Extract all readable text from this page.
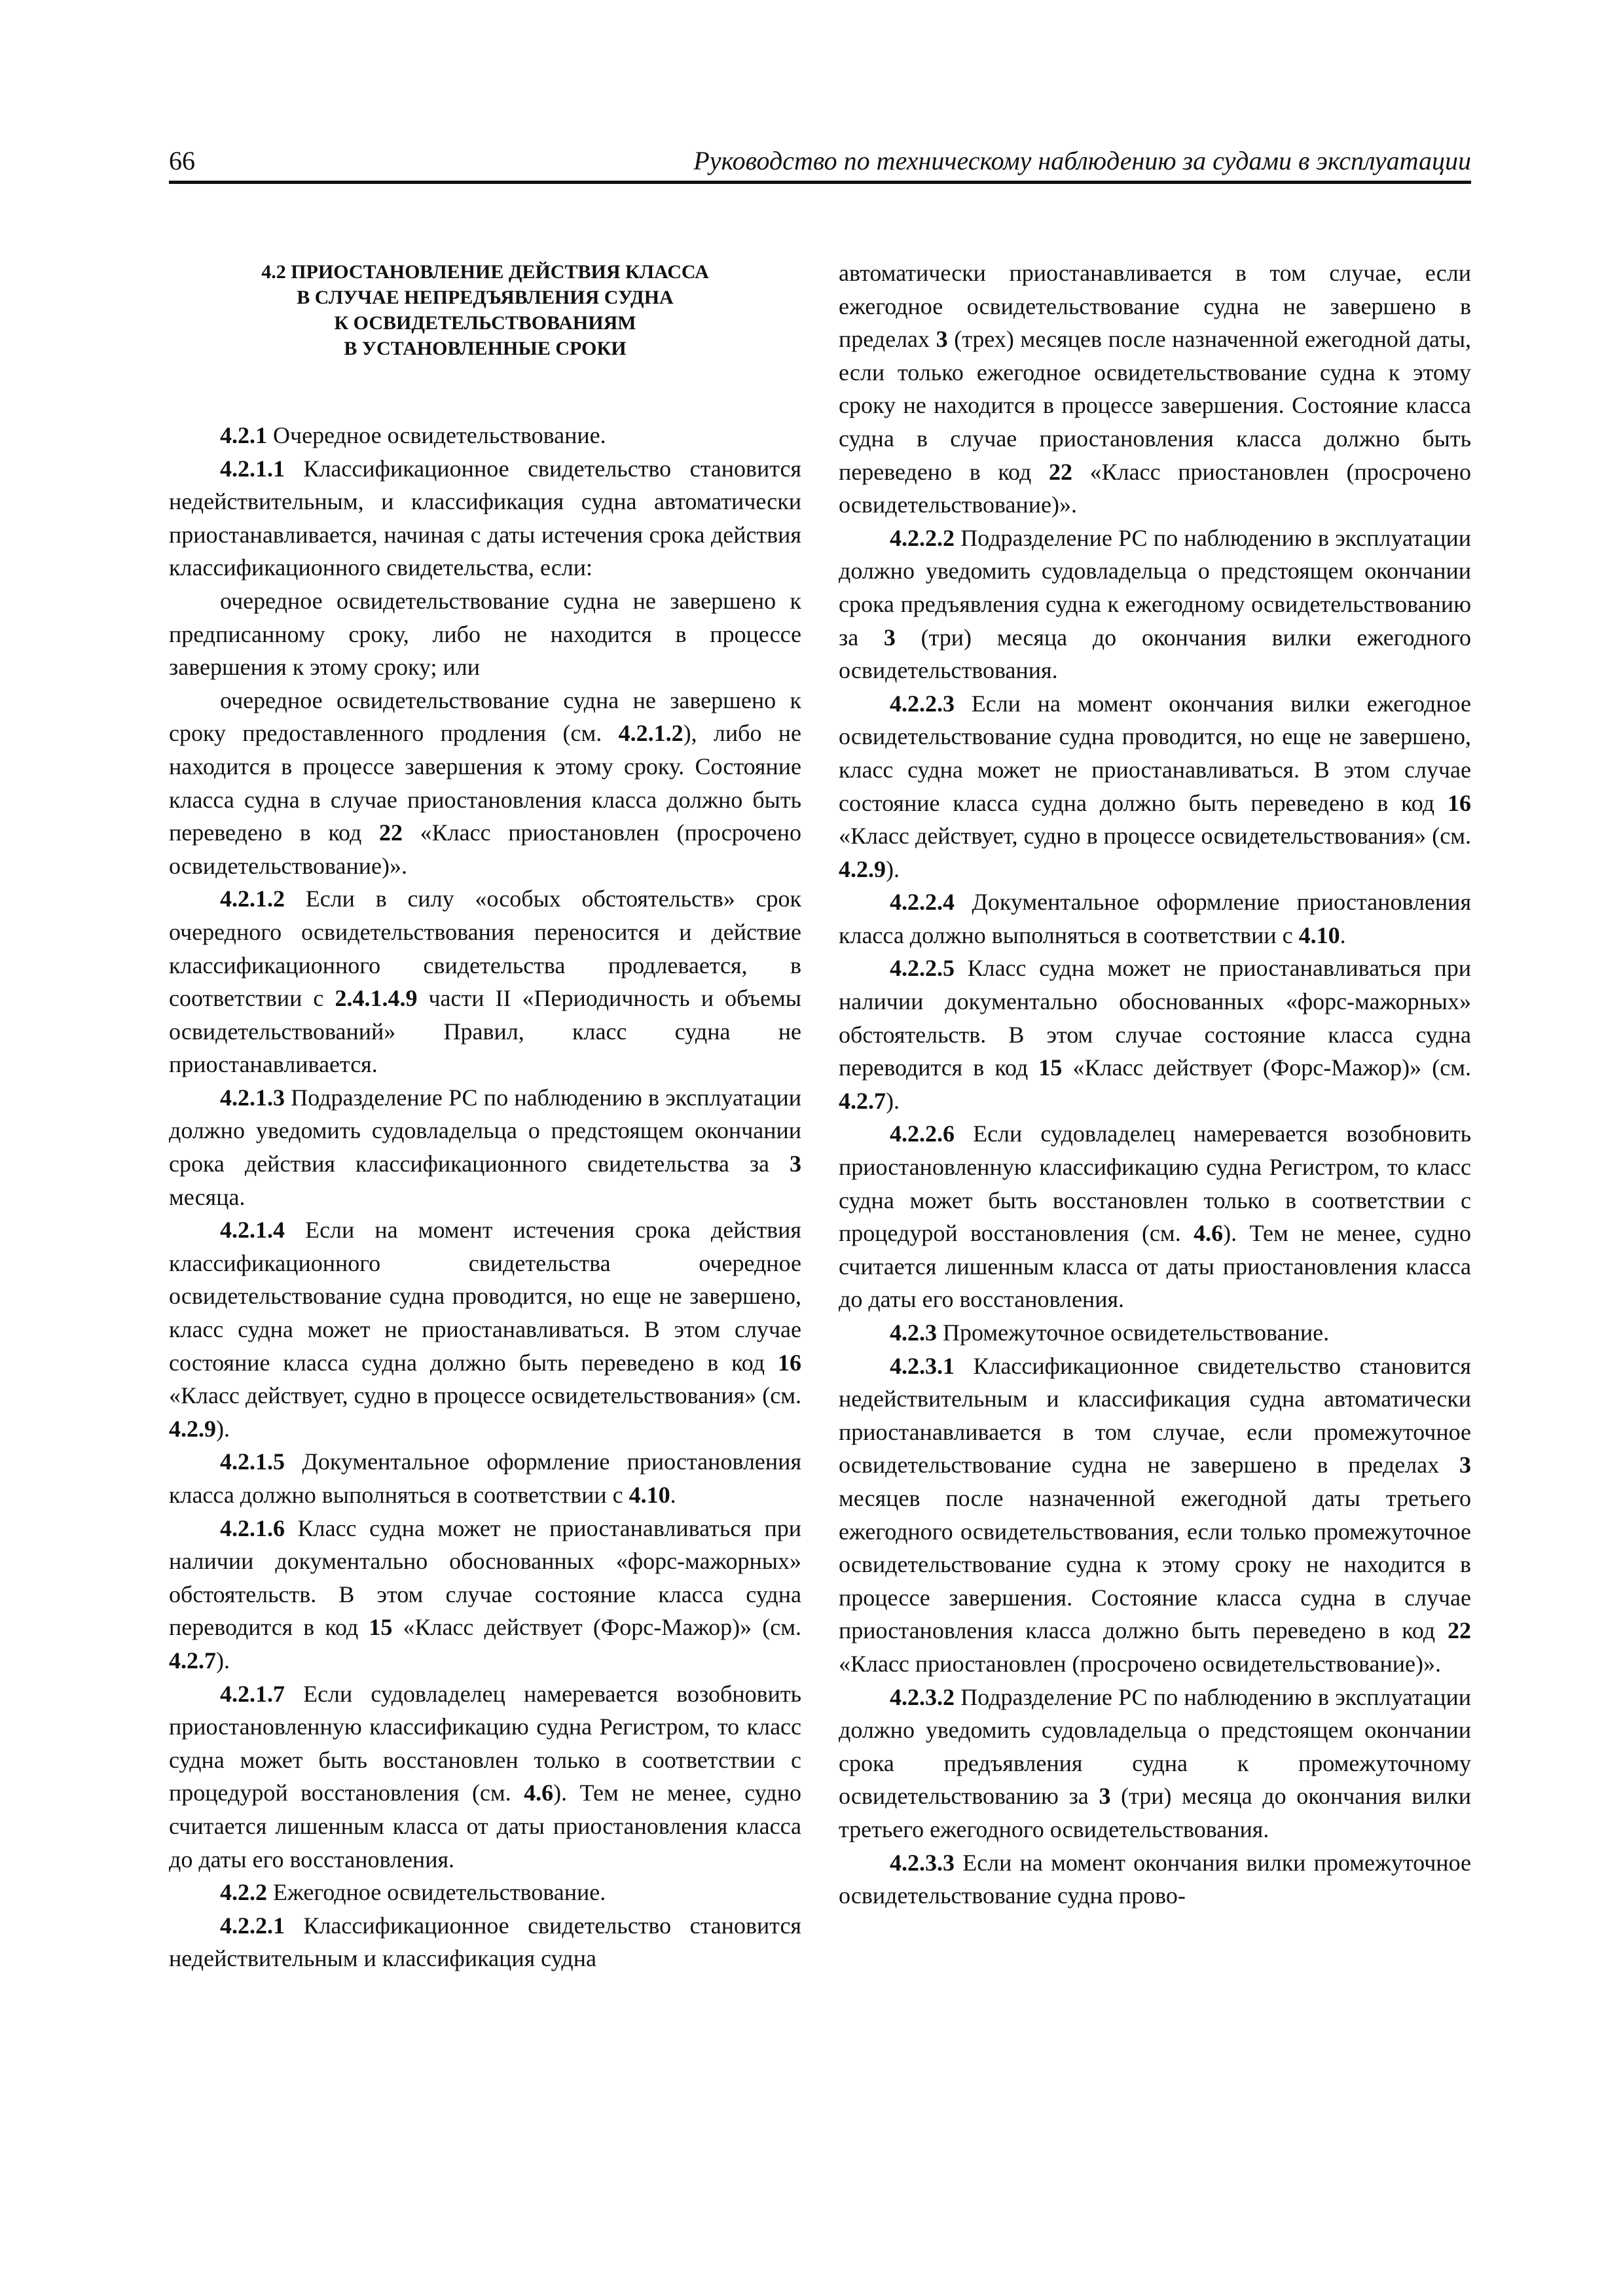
66	Руководство по техническому наблюдению за судами в эксплуатации
4.2 ПРИОСТАНОВЛЕНИЕ ДЕЙСТВИЯ КЛАССА
В СЛУЧАЕ НЕПРЕДЪЯВЛЕНИЯ СУДНА
К ОСВИДЕТЕЛЬСТВОВАНИЯМ
В УСТАНОВЛЕННЫЕ СРОКИ

4.2.1 Очередное освидетельствование.

4.2.1.1 Классификационное свидетельство становится недействительным, и классификация судна автоматически приостанавливается, начиная с даты истечения срока действия классификационного свидетельства, если:

очередное освидетельствование судна не завершено к предписанному сроку, либо не находится в процессе завершения к этому сроку; или

очередное освидетельствование судна не завершено к сроку предоставленного продления (см. 4.2.1.2), либо не находится в процессе завершения к этому сроку. Состояние класса судна в случае приостановления класса должно быть переведено в код 22 «Класс приостановлен (просрочено освидетельствование)».

4.2.1.2 Если в силу «особых обстоятельств» срок очередного освидетельствования переносится и действие классификационного свидетельства продлевается, в соответствии с 2.4.1.4.9 части II «Периодичность и объемы освидетельствований» Правил, класс судна не приостанавливается.

4.2.1.3 Подразделение РС по наблюдению в эксплуатации должно уведомить судовладельца о предстоящем окончании срока действия классификационного свидетельства за 3 месяца.

4.2.1.4 Если на момент истечения срока действия классификационного свидетельства очередное освидетельствование судна проводится, но еще не завершено, класс судна может не приостанавливаться. В этом случае состояние класса судна должно быть переведено в код 16 «Класс действует, судно в процессе освидетельствования» (см. 4.2.9).

4.2.1.5 Документальное оформление приостановления класса должно выполняться в соответствии с 4.10.

4.2.1.6 Класс судна может не приостанавливаться при наличии документально обоснованных «форс-мажорных» обстоятельств. В этом случае состояние класса судна переводится в код 15 «Класс действует (Форс-Мажор)» (см. 4.2.7).

4.2.1.7 Если судовладелец намеревается возобновить приостановленную классификацию судна Регистром, то класс судна может быть восстановлен только в соответствии с процедурой восстановления (см. 4.6). Тем не менее, судно считается лишенным класса от даты приостановления класса до даты его восстановления.

4.2.2 Ежегодное освидетельствование.

4.2.2.1 Классификационное свидетельство становится недействительным и классификация судна

автоматически приостанавливается в том случае, если ежегодное освидетельствование судна не завершено в пределах 3 (трех) месяцев после назначенной ежегодной даты, если только ежегодное освидетельствование судна к этому сроку не находится в процессе завершения. Состояние класса судна в случае приостановления класса должно быть переведено в код 22 «Класс приостановлен (просрочено освидетельствование)».

4.2.2.2 Подразделение РС по наблюдению в эксплуатации должно уведомить судовладельца о предстоящем окончании срока предъявления судна к ежегодному освидетельствованию за 3 (три) месяца до окончания вилки ежегодного освидетельствования.

4.2.2.3 Если на момент окончания вилки ежегодное освидетельствование судна проводится, но еще не завершено, класс судна может не приостанавливаться. В этом случае состояние класса судна должно быть переведено в код 16 «Класс действует, судно в процессе освидетельствования» (см. 4.2.9).

4.2.2.4 Документальное оформление приостановления класса должно выполняться в соответствии с 4.10.

4.2.2.5 Класс судна может не приостанавливаться при наличии документально обоснованных «форс-мажорных» обстоятельств. В этом случае состояние класса судна переводится в код 15 «Класс действует (Форс-Мажор)» (см. 4.2.7).

4.2.2.6 Если судовладелец намеревается возобновить приостановленную классификацию судна Регистром, то класс судна может быть восстановлен только в соответствии с процедурой восстановления (см. 4.6). Тем не менее, судно считается лишенным класса от даты приостановления класса до даты его восстановления.

4.2.3 Промежуточное освидетельствование.

4.2.3.1 Классификационное свидетельство становится недействительным и классификация судна автоматически приостанавливается в том случае, если промежуточное освидетельствование судна не завершено в пределах 3 месяцев после назначенной ежегодной даты третьего ежегодного освидетельствования, если только промежуточное освидетельствование судна к этому сроку не находится в процессе завершения. Состояние класса судна в случае приостановления класса должно быть переведено в код 22 «Класс приостановлен (просрочено освидетельствование)».

4.2.3.2 Подразделение РС по наблюдению в эксплуатации должно уведомить судовладельца о предстоящем окончании срока предъявления судна к промежуточному освидетельствованию за 3 (три) месяца до окончания вилки третьего ежегодного освидетельствования.

4.2.3.3 Если на момент окончания вилки промежуточное освидетельствование судна прово-
